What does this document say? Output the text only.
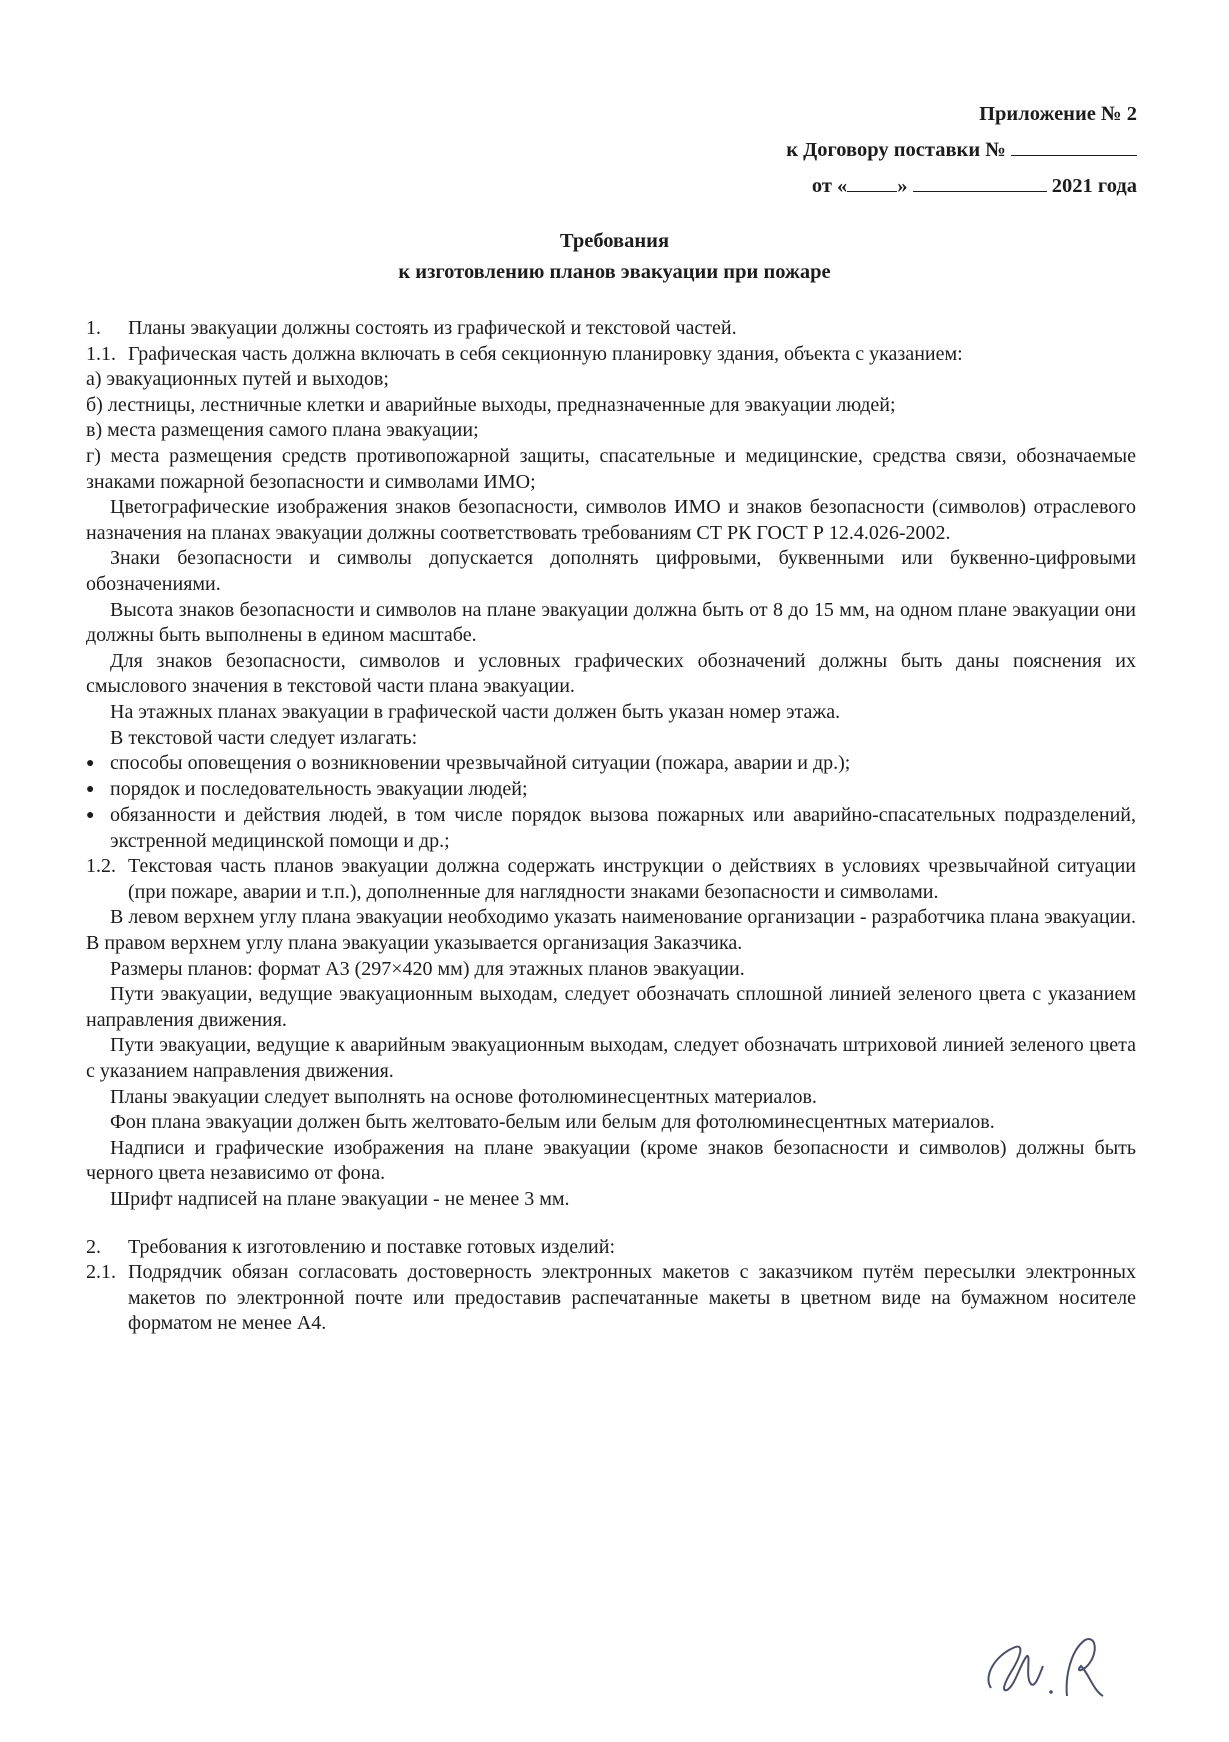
Приложение № 2
к Договору поставки №
от « »	2021 года
Требования
к изготовлению планов эвакуации при пожаре
1.	Планы эвакуации должны состоять из графической и текстовой частей.
1.1. Графическая часть должна включать в себя секционную планировку здания, объекта с указанием:

а) эвакуационных путей и выходов;

б) лестницы, лестничные клетки и аварийные выходы, предназначенные для эвакуации людей;

в) места размещения самого плана эвакуации;

г) места размещения средств противопожарной защиты, спасательные и медицинские, средства связи, обозначаемые знаками пожарной безопасности и символами ИМО;

Цветографические изображения знаков безопасности, символов ИМО и знаков безопасности (символов) отраслевого назначения на планах эвакуации должны соответствовать требованиям СТ РК ГОСТ Р 12.4.026-2002.

Знаки безопасности и символы допускается дополнять цифровыми, буквенными или буквенно-цифровыми обозначениями.

Высота знаков безопасности и символов на плане эвакуации должна быть от 8 до 15 мм, на одном плане эвакуации они должны быть выполнены в едином масштабе.

Для знаков безопасности, символов и условных графических обозначений должны быть даны пояснения их смыслового значения в текстовой части плана эвакуации.

На этажных планах эвакуации в графической части должен быть указан номер этажа.

В текстовой части следует излагать:

● способы оповещения о возникновении чрезвычайной ситуации (пожара, аварии и др.);
● порядок и последовательность эвакуации людей;
● обязанности и действия людей, в том числе порядок вызова пожарных или аварийно-спасательных подразделений, экстренной медицинской помощи и др.;
1.2. Текстовая часть планов эвакуации должна содержать инструкции о действиях в условиях чрезвычайной ситуации (при пожаре, аварии и т.п.), дополненные для наглядности знаками безопасности и символами.

В левом верхнем углу плана эвакуации необходимо указать наименование организации - разработчика плана эвакуации. В правом верхнем углу плана эвакуации указывается организация Заказчика.

Размеры планов: формат А3 (297×420 мм) для этажных планов эвакуации.

Пути эвакуации, ведущие эвакуационным выходам, следует обозначать сплошной линией зеленого цвета с указанием направления движения.

Пути эвакуации, ведущие к аварийным эвакуационным выходам, следует обозначать штриховой линией зеленого цвета с указанием направления движения.

Планы эвакуации следует выполнять на основе фотолюминесцентных материалов.

Фон плана эвакуации должен быть желтовато-белым или белым для фотолюминесцентных материалов.

Надписи и графические изображения на плане эвакуации (кроме знаков безопасности и символов) должны быть черного цвета независимо от фона.

Шрифт надписей на плане эвакуации - не менее 3 мм.

2.	Требования к изготовлению и поставке готовых изделий:
2.1. Подрядчик обязан согласовать достоверность электронных макетов с заказчиком путём пересылки электронных макетов по электронной почте или предоставив распечатанные макеты в цветном виде на бумажном носителе форматом не менее А4.
